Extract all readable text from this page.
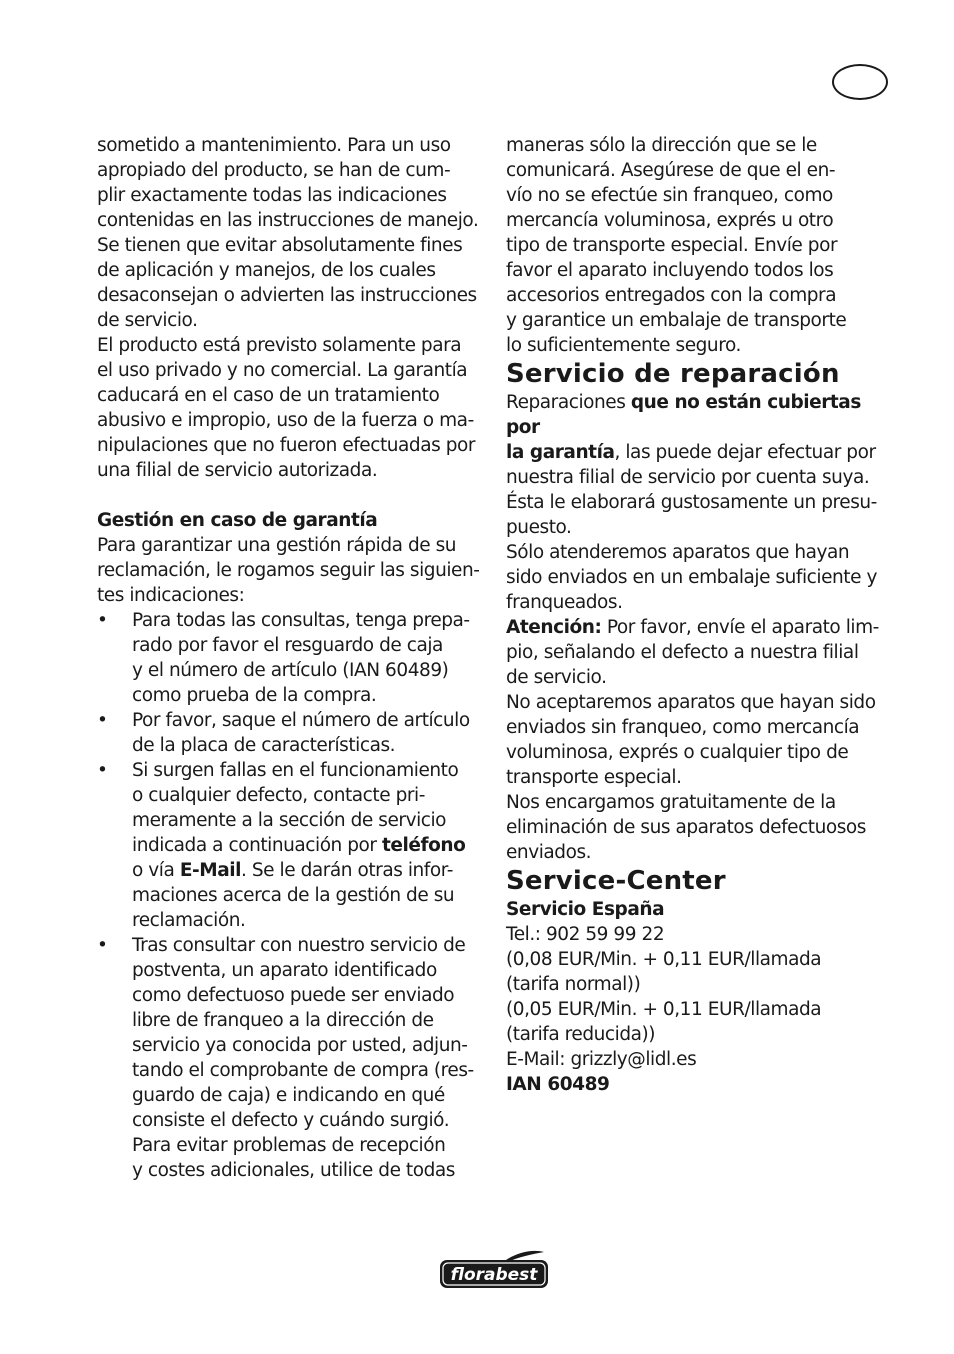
sometido a mantenimiento. Para un uso
apropiado del producto, se han de cum-
plir exactamente todas las indicaciones
contenidas en las instrucciones de manejo.
Se tienen que evitar absolutamente fines
de aplicación y manejos, de los cuales
desaconsejan o advierten las instrucciones
de servicio.

El producto está previsto solamente para
el uso privado y no comercial. La garantía
caducará en el caso de un tratamiento
abusivo e impropio, uso de la fuerza o ma-
nipulaciones que no fueron efectuadas por
una filial de servicio autorizada.

Gestión en caso de garantía

Para garantizar una gestión rápida de su
reclamación, le rogamos seguir las siguien-
tes indicaciones:

• Para todas las consultas, tenga prepa-
rado por favor el resguardo de caja
y el número de artículo (IAN 60489)
como prueba de la compra.
• Por favor, saque el número de artículo
de la placa de características.
• Si surgen fallas en el funcionamiento
o cualquier defecto, contacte pri-
meramente a la sección de servicio
indicada a continuación por teléfono
o vía E-Mail. Se le darán otras infor-
maciones acerca de la gestión de su
reclamación.
• Tras consultar con nuestro servicio de
postventa, un aparato identificado
como defectuoso puede ser enviado
libre de franqueo a la dirección de
servicio ya conocida por usted, adjun-
tando el comprobante de compra (res-
guardo de caja) e indicando en qué
consiste el defecto y cuándo surgió.
Para evitar problemas de recepción
y costes adicionales, utilice de todas

maneras sólo la dirección que se le
comunicará. Asegúrese de que el en-
vío no se efectúe sin franqueo, como
mercancía voluminosa, exprés u otro
tipo de transporte especial. Envíe por
favor el aparato incluyendo todos los
accesorios entregados con la compra
y garantice un embalaje de transporte
lo suficientemente seguro.

Servicio de reparación

Reparaciones que no están cubiertas por
la garantía, las puede dejar efectuar por
nuestra filial de servicio por cuenta suya.
Ésta le elaborará gustosamente un presu-
puesto.

Sólo atenderemos aparatos que hayan
sido enviados en un embalaje suficiente y
franqueados.

Atención: Por favor, envíe el aparato lim-
pio, señalando el defecto a nuestra filial
de servicio.

No aceptaremos aparatos que hayan sido
enviados sin franqueo, como mercancía
voluminosa, exprés o cualquier tipo de
transporte especial.

Nos encargamos gratuitamente de la
eliminación de sus aparatos defectuosos
enviados.

Service-Center

Servicio España

Tel.: 902 59 99 22

(0,08 EUR/Min. + 0,11 EUR/llamada
(tarifa normal))

(0,05 EUR/Min. + 0,11 EUR/llamada
(tarifa reducida))

E-Mail: grizzly@lidl.es

IAN 60489

florabest
